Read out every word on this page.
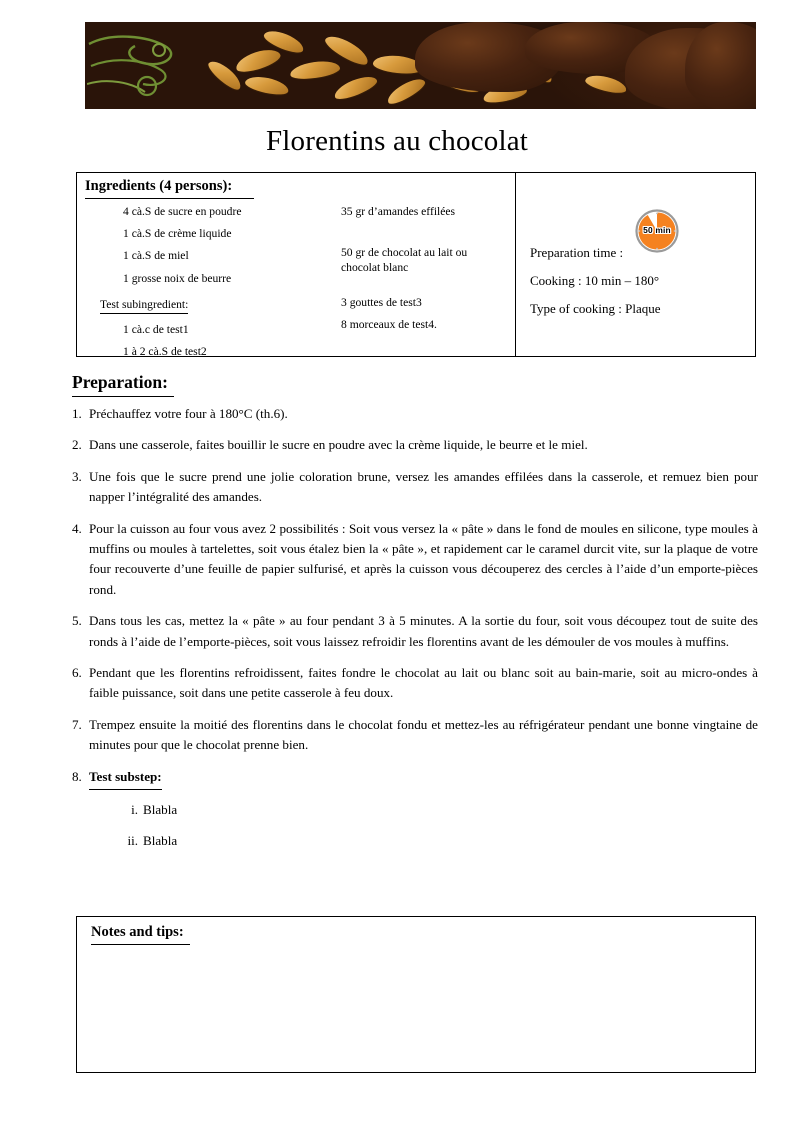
Florentins au chocolat
Ingredients (4 persons):
4 cà.S de sucre en poudre
1 cà.S de crème liquide
1 cà.S de miel
1 grosse noix de beurre
Test subingredient:
1 cà.c de test1
1 à 2 cà.S de test2
35 gr d’amandes effilées
50 gr de chocolat au lait ou chocolat blanc
3 gouttes de test3
8 morceaux de test4.
50 min
Preparation time :
Cooking : 10 min – 180°
Type of cooking : Plaque
Preparation:
1. Préchauffez votre four à 180°C (th.6).
2. Dans une casserole, faites bouillir le sucre en poudre avec la crème liquide, le beurre et le miel.
3. Une fois que le sucre prend une jolie coloration brune, versez les amandes effilées dans la casserole, et remuez bien pour napper l’intégralité des amandes.
4. Pour la cuisson au four vous avez 2 possibilités : Soit vous versez la « pâte » dans le fond de moules en silicone, type moules à muffins ou moules à tartelettes, soit vous étalez bien la « pâte », et rapidement car le caramel durcit vite, sur la plaque de votre four recouverte d’une feuille de papier sulfurisé, et après la cuisson vous découperez des cercles à l’aide d’un emporte-pièces rond.
5. Dans tous les cas, mettez la « pâte » au four pendant 3 à 5 minutes. A la sortie du four, soit vous découpez tout de suite des ronds à l’aide de l’emporte-pièces, soit vous laissez refroidir les florentins avant de les démouler de vos moules à muffins.
6. Pendant que les florentins refroidissent, faites fondre le chocolat au lait ou blanc soit au bain-marie, soit au micro-ondes à faible puissance, soit dans une petite casserole à feu doux.
7. Trempez ensuite la moitié des florentins dans le chocolat fondu et mettez-les au réfrigérateur pendant une bonne vingtaine de minutes pour que le chocolat prenne bien.
8. Test substep:
i. Blabla
ii. Blabla
Notes and tips:
